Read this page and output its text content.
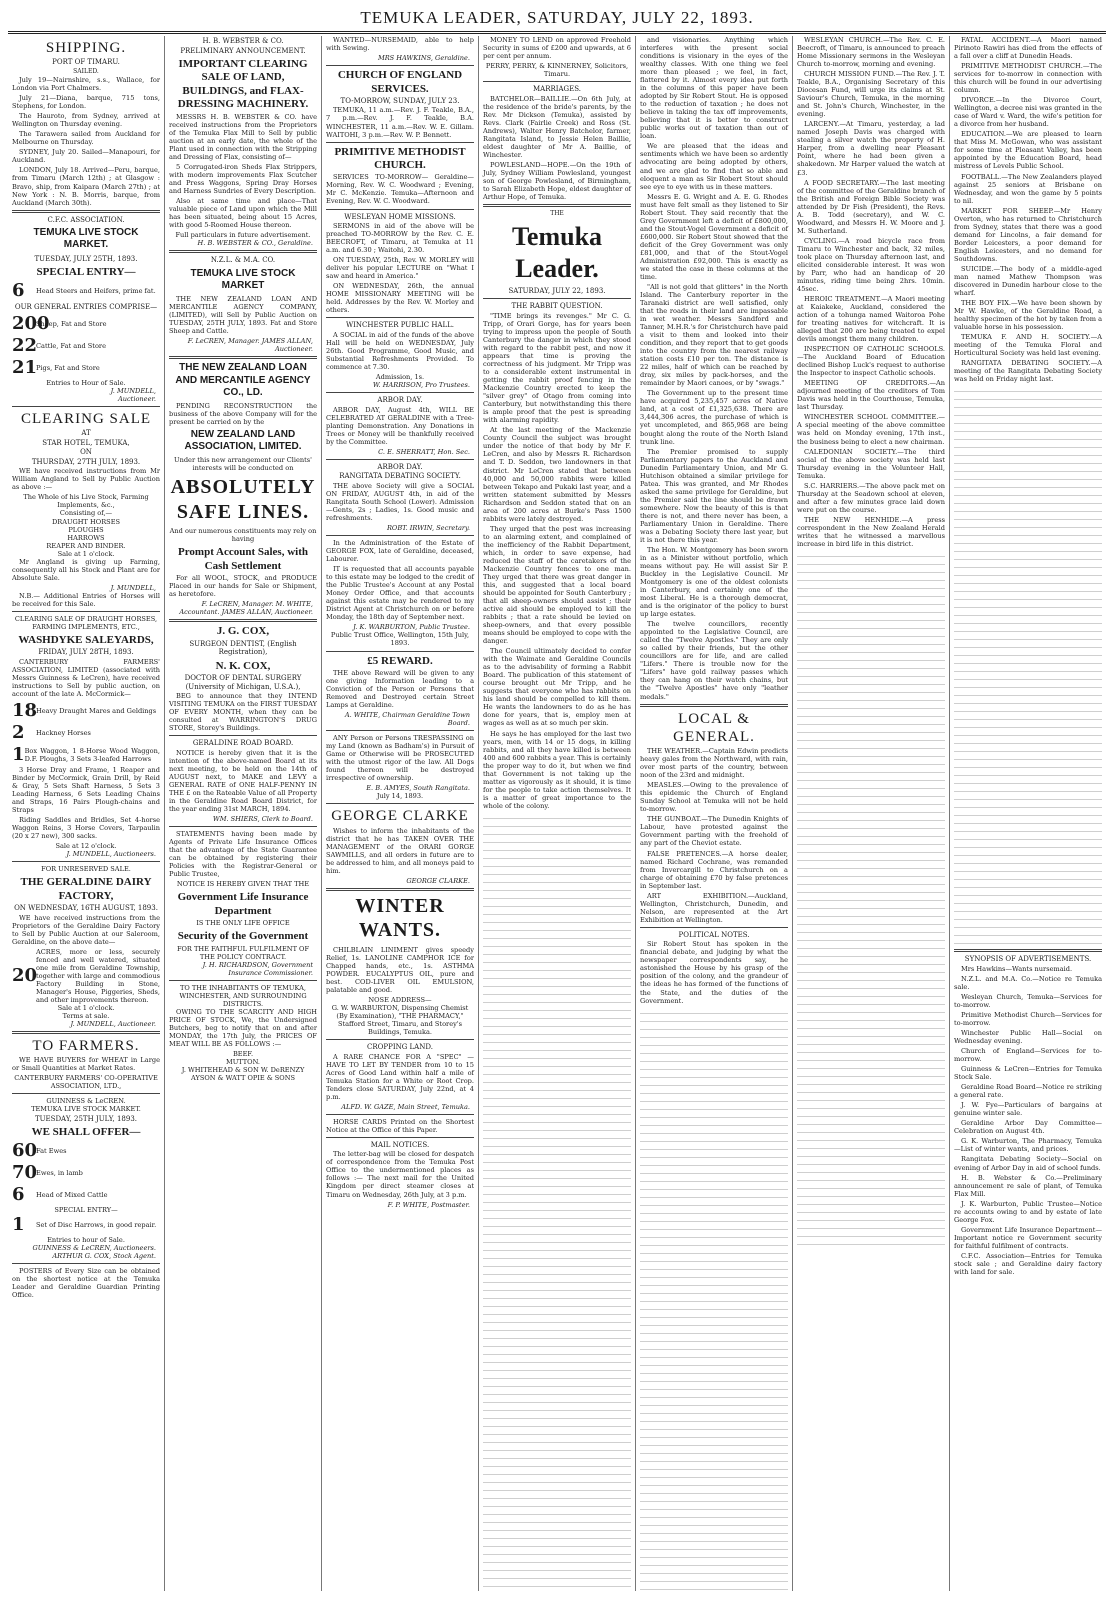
TEMUKA LEADER, SATURDAY, JULY 22, 1893.
SHIPPING.
PORT OF TIMARU.
SAILED.

July 19—Nairnshire, s.s., Wallace, for London via Port Chalmers.

July 21—Diana, barque, 715 tons, Stephens, for London.

The Hauroto, from Sydney, arrived at Wellington on Thursday evening.

The Tarawera sailed from Auckland for Melbourne on Thursday.

SYDNEY, July 20. Sailed—Manapouri, for Auckland.

LONDON, July 18. Arrived—Peru, barque, from Timaru (March 12th) ; at Glasgow : Bravo, ship, from Kaipara (March 27th) ; at New York : N. B. Morris, barque, from Auckland (March 30th).

C.F.C. ASSOCIATION.
TEMUKA LIVE STOCK MARKET.
TUESDAY, JULY 25TH, 1893.
SPECIAL ENTRY—
6	Head Steers and Heifers, prime fat.
OUR GENERAL ENTRIES COMPRISE—
200
Sheep, Fat and Store
22
Cattle, Fat and Store
21
Pigs, Fat and Store
Entries to Hour of Sale.
J. MUNDELL,
Auctioneer.
CLEARING SALE
AT
STAR HOTEL, TEMUKA,
ON
THURSDAY, 27TH JULY, 1893.

WE have received instructions from Mr William Angland to Sell by Public Auction as above :—

The Whole of his Live Stock, Farming Implements, &c.,
Consisting of,—
DRAUGHT HORSES
PLOUGHS
HARROWS
REAPER AND BINDER.
Sale at 1 o'clock.

Mr Angland is giving up Farming, consequently all his Stock and Plant are for Absolute Sale.

J. MUNDELL,

N.B.— Additional Entries of Horses will be received for this Sale.

CLEARING SALE OF DRAUGHT HORSES, FARMING IMPLEMENTS, ETC.,
WASHDYKE SALEYARDS,
FRIDAY, JULY 28TH, 1893.

CANTERBURY FARMERS' ASSOCIATION, LIMITED (associated with Messrs Guinness & LeCren), have received instructions to Sell by public auction, on account of the late A. McCormick—

18
Heavy Draught Mares and Geldings
2	Hackney Horses
1 Box Waggon, 1 8-Horse Wood Waggon, D.F. Ploughs, 3 Sets 3-leafed Harrows

3 Horse Dray and Frame, 1 Reaper and Binder by McCormick, Grain Drill, by Reid & Gray, 5 Sets Shaft Harness, 5 Sets 3 Leading Harness, 6 Sets Leading Chains and Straps, 16 Pairs Plough-chains and Straps

Riding Saddles and Bridles, Set 4-horse Waggon Reins, 3 Horse Covers, Tarpaulin (20 x 27 new), 300 sacks.

Sale at 12 o'clock.
J. MUNDELL, Auctioneers.
FOR UNRESERVED SALE.
THE GERALDINE DAIRY FACTORY,
ON WEDNESDAY, 16TH AUGUST, 1893.

WE have received instructions from the Proprietors of the Geraldine Dairy Factory to Sell by Public Auction at our Saleroom, Geraldine, on the above date—

20
ACRES, more or less, securely fenced and well watered, situated one mile from Geraldine Township, together with large and commodious Factory Building in Stone, Manager's House, Piggeries, Sheds, and other improvements thereon.
Sale at 1 o'clock.
Terms at sale.
J. MUNDELL, Auctioneer.
TO FARMERS.

WE HAVE BUYERS for WHEAT in Large or Small Quantities at Market Rates.

CANTERBURY FARMERS' CO-OPERATIVE ASSOCIATION, LTD.,
GUINNESS & LeCREN.
TEMUKA LIVE STOCK MARKET.
TUESDAY, 25TH JULY, 1893.
WE SHALL OFFER—
60
Fat Ewes
70
Ewes, in lamb
6	Head of Mixed Cattle
SPECIAL ENTRY—
1	Set of Disc Harrows, in good repair.
Entries to hour of Sale.
GUINNESS & LeCREN, Auctioneers. ARTHUR G. COX, Stock Agent.

POSTERS of Every Size can be obtained on the shortest notice at the Temuka Leader and Geraldine Guardian Printing Office.

H. B. WEBSTER & CO.
PRELIMINARY ANNOUNCEMENT.
IMPORTANT CLEARING SALE OF LAND, BUILDINGS, and FLAX-DRESSING MACHINERY.

MESSRS H. B. WEBSTER & CO. have received instructions from the Proprietors of the Temuka Flax Mill to Sell by public auction at an early date, the whole of the Plant used in connection with the Stripping and Dressing of Flax, consisting of—

5 Corrugated-iron Sheds Flax Strippers, with modern improvements Flax Scutcher and Press Waggons, Spring Dray Horses and Harness Sundries of Every Description.

Also at same time and place—That valuable piece of Land upon which the Mill has been situated, being about 15 Acres, with good 5-Roomed House thereon.

Full particulars in future advertisement.
H. B. WEBSTER & CO., Geraldine.
N.Z.L. & M.A. CO.
TEMUKA LIVE STOCK MARKET

THE NEW ZEALAND LOAN AND MERCANTILE AGENCY COMPANY, (LIMITED), will Sell by Public Auction on TUESDAY, 25TH JULY, 1893. Fat and Store Sheep and Cattle.

F. LeCREN, Manager. JAMES ALLAN, Auctioneer.
THE NEW ZEALAND LOAN AND MERCANTILE AGENCY CO., LD.

PENDING RECONSTRUCTION the business of the above Company will for the present be carried on by the

NEW ZEALAND LAND ASSOCIATION, LIMITED.
Under this new arrangement our Clients' interests will be conducted on
ABSOLUTELY SAFE LINES.
And our numerous constituents may rely on having
Prompt Account Sales, with Cash Settlement

For all WOOL, STOCK, and PRODUCE Placed in our hands for Sale or Shipment, as heretofore.

F. LeCREN, Manager. M. WHITE, Accountant. JAMES ALLAN, Auctioneer.
J. G. COX,
SURGEON DENTIST, (English Registration),
N. K. COX,
DOCTOR OF DENTAL SURGERY (University of Michigan, U.S.A.),

BEG to announce that they INTEND VISITING TEMUKA on the FIRST TUESDAY OF EVERY MONTH, when they can be consulted at WARRINGTON'S DRUG STORE, Storey's Buildings.

GERALDINE ROAD BOARD.

NOTICE is hereby given that it is the intention of the above-named Board at its next meeting, to be held on the 14th of AUGUST next, to MAKE and LEVY a GENERAL RATE of ONE HALF-PENNY IN THE £ on the Rateable Value of all Property in the Geraldine Road Board District, for the year ending 31st MARCH, 1894.

WM. SHIERS, Clerk to Board.

STATEMENTS having been made by Agents of Private Life Insurance Offices that the advantage of the State Guarantee can be obtained by registering their Policies with the Registrar-General or Public Trustee,

NOTICE IS HEREBY GIVEN THAT THE
Government Life Insurance Department
IS THE ONLY LIFE OFFICE
Security of the Government
FOR THE FAITHFUL FULFILMENT OF THE POLICY CONTRACT.
J. H. RICHARDSON, Government Insurance Commissioner.
TO THE INHABITANTS OF TEMUKA, WINCHESTER, AND SURROUNDING DISTRICTS.

OWING TO THE SCARCITY AND HIGH PRICE OF STOCK, We, the Undersigned Butchers, beg to notify that on and after MONDAY, the 17th July, the PRICES OF MEAT WILL BE AS FOLLOWS :—

BEEF.
MUTTON.
J. WHITEHEAD & SON W. DeRENZY AYSON & WATT OPIE & SONS

WANTED—NURSEMAID, able to help with Sewing.

MRS HAWKINS, Geraldine.
CHURCH OF ENGLAND SERVICES.
TO-MORROW, SUNDAY, JULY 23.

TEMUKA, 11 a.m.—Rev. J. F. Teakle, B.A., 7 p.m.—Rev. J. F. Teakle, B.A. WINCHESTER, 11 a.m.—Rev. W. E. Gillam. WAITOHI, 3 p.m.—Rev. W. P. Bennett.

PRIMITIVE METHODIST CHURCH.

SERVICES TO-MORROW— Geraldine—Morning, Rev. W. C. Woodward ; Evening, Mr C. McKenzie. Temuka—Afternoon and Evening, Rev. W. C. Woodward.

WESLEYAN HOME MISSIONS.

SERMONS in aid of the above will be preached TO-MORROW by the Rev. C. E. BEECROFT, of Timaru, at Temuka at 11 a.m. and 6.30 ; Waitohi, 2.30.

ON TUESDAY, 25th, Rev. W. MORLEY will deliver his popular LECTURE on "What I saw and heard in America."

ON WEDNESDAY, 26th, the annual HOME MISSIONARY MEETING will be held. Addresses by the Rev. W. Morley and others.

WINCHESTER PUBLIC HALL.

A SOCIAL in aid of the funds of the above Hall will be held on WEDNESDAY, July 26th. Good Programme, Good Music, and Substantial Refreshments Provided. To commence at 7.30.

Admission, 1s.
W. HARRISON, Pro Trustees.
ARBOR DAY.

ARBOR DAY, August 4th, WILL BE CELEBRATED AT GERALDINE with a Tree-planting Demonstration. Any Donations in Trees or Money will be thankfully received by the Committee.

C. E. SHERRATT, Hon. Sec.
ARBOR DAY.
RANGITATA DEBATING SOCIETY.

THE above Society will give a SOCIAL ON FRIDAY, AUGUST 4th, in aid of the Rangitata South School (Lower). Admission—Gents, 2s ; Ladies, 1s. Good music and refreshments.

ROBT. IRWIN, Secretary.

In the Administration of the Estate of GEORGE FOX, late of Geraldine, deceased, Labourer.

IT is requested that all accounts payable to this estate may be lodged to the credit of the Public Trustee's Account at any Postal Money Order Office, and that accounts against this estate may be rendered to my District Agent at Christchurch on or before Monday, the 18th day of September next.

J. K. WARBURTON, Public Trustee.
Public Trust Office, Wellington, 15th July, 1893.
£5 REWARD.

THE above Reward will be given to any one giving Information leading to a Conviction of the Person or Persons that Removed and Destroyed certain Street Lamps at Geraldine.

A. WHITE, Chairman Geraldine Town Board.

ANY Person or Persons TRESPASSING on my Land (known as Badham's) in Pursuit of Game or Otherwise will be PROSECUTED with the utmost rigor of the law. All Dogs found thereon will be destroyed irrespective of ownership.

E. B. AMYES, South Rangitata.
July 14, 1893.
GEORGE CLARKE

Wishes to inform the inhabitants of the district that he has TAKEN OVER THE MANAGEMENT of the ORARI GORGE SAWMILLS, and all orders in future are to be addressed to him, and all moneys paid to him.

GEORGE CLARKE.
WINTER WANTS.

CHILBLAIN LINIMENT gives speedy Relief, 1s. LANOLINE CAMPHOR ICE for Chapped hands, etc., 1s. ASTHMA POWDER. EUCALYPTUS OIL, pure and best. COD-LIVER OIL EMULSION, palatable and good.

NOSE ADDRESS—
G. W. WARBURTON, Dispensing Chemist (By Examination), "THE PHARMACY," Stafford Street, Timaru, and Storey's Buildings, Temuka.
CROPPING LAND.

A RARE CHANCE FOR A "SPEC" — HAVE TO LET BY TENDER from 10 to 15 Acres of Good Land within half a mile of Temuka Station for a White or Root Crop. Tenders close SATURDAY, July 22nd, at 4 p.m.

ALFD. W. GAZE, Main Street, Temuka.

HORSE CARDS Printed on the Shortest Notice at the Office of this Paper.

MAIL NOTICES.

The letter-bag will be closed for despatch of correspondence from the Temuka Post Office to the undermentioned places as follows :— The next mail for the United Kingdom per direct steamer closes at Timaru on Wednesday, 26th July, at 3 p.m.

F. P. WHITE, Postmaster.

MONEY TO LEND on approved Freehold Security in sums of £200 and upwards, at 6 per cent per annum.

PERRY, PERRY, & KINNERNEY, Solicitors, Timaru.
MARRIAGES.

BATCHELOR—BAILLIE.—On 6th July, at the residence of the bride's parents, by the Rev. Mr Dickson (Temuka), assisted by Revs. Clark (Fairlie Creek) and Ross (St. Andrews), Walter Henry Batchelor, farmer, Rangitata Island, to Jessie Helen Baillie, eldest daughter of Mr A. Baillie, of Winchester.

POWLESLAND—HOPE.—On the 19th of July, Sydney William Powlesland, youngest son of George Powlesland, of Birmingham, to Sarah Elizabeth Hope, eldest daughter of Arthur Hope, of Temuka.

THE
Temuka Leader.
SATURDAY, JULY 22, 1893.
THE RABBIT QUESTION.

"TIME brings its revenges." Mr C. G. Tripp, of Orari Gorge, has for years been trying to impress upon the people of South Canterbury the danger in which they stood with regard to the rabbit pest, and now it appears that time is proving the correctness of his judgment. Mr Tripp was to a considerable extent instrumental in getting the rabbit proof fencing in the Mackenzie Country erected to keep the "silver grey" of Otago from coming into Canterbury, but notwithstanding this there is ample proof that the pest is spreading with alarming rapidity.

At the last meeting of the Mackenzie County Council the subject was brought under the notice of that body by Mr F. LeCren, and also by Messrs R. Richardson and T. D. Seddon, two landowners in that district. Mr LeCren stated that between 40,000 and 50,000 rabbits were killed between Tekapo and Pukaki last year, and a written statement submitted by Messrs Richardson and Seddon stated that on an area of 200 acres at Burke's Pass 1500 rabbits were lately destroyed.

They urged that the pest was increasing to an alarming extent, and complained of the inefficiency of the Rabbit Department, which, in order to save expense, had reduced the staff of the caretakers of the Mackenzie Country fences to one man. They urged that there was great danger in this, and suggested that a local board should be appointed for South Canterbury ; that all sheep-owners should assist ; their active aid should be employed to kill the rabbits ; that a rate should be levied on sheep-owners, and that every possible means should be employed to cope with the danger.

The Council ultimately decided to confer with the Waimate and Geraldine Councils as to the advisability of forming a Rabbit Board. The publication of this statement of course brought out Mr Tripp, and he suggests that everyone who has rabbits on his land should be compelled to kill them. He wants the landowners to do as he has done for years, that is, employ men at wages as well as at so much per skin.

He says he has employed for the last two years, men, with 14 or 15 dogs, in killing rabbits, and all they have killed is between 400 and 600 rabbits a year. This is certainly the proper way to do it, but when we find that Government is not taking up the matter as vigorously as it should, it is time for the people to take action themselves. It is a matter of great importance to the whole of the colony.

and visionaries. Anything which interferes with the present social conditions is visionary in the eyes of the wealthy classes. With one thing we feel more than pleased ; we feel, in fact, flattered by it. Almost every idea put forth in the columns of this paper have been adopted by Sir Robert Stout. He is opposed to the reduction of taxation ; he does not believe in taking the tax off improvements, believing that it is better to construct public works out of taxation than out of loan.

We are pleased that the ideas and sentiments which we have been so ardently advocating are being adopted by others, and we are glad to find that so able and eloquent a man as Sir Robert Stout should see eye to eye with us in these matters.

Messrs E. G. Wright and A. E. G. Rhodes must have felt small as they listened to Sir Robert Stout. They said recently that the Grey Government left a deficit of £800,000, and the Stout-Vogel Government a deficit of £600,000. Sir Robert Stout showed that the deficit of the Grey Government was only £81,000, and that of the Stout-Vogel Administration £92,000. This is exactly as we stated the case in these columns at the time.

"All is not gold that glitters" in the North Island. The Canterbury reporter in the Taranaki district are well satisfied, only that the roads in their land are impassable in wet weather. Messrs Sandford and Tanner, M.H.R.'s for Christchurch have paid a visit to them and looked into their condition, and they report that to get goods into the country from the nearest railway station costs £10 per ton. The distance is 22 miles, half of which can be reached by dray, six miles by pack-horses, and the remainder by Maori canoes, or by "swags."

The Government up to the present time have acquired 5,235,457 acres of Native land, at a cost of £1,325,638. There are 3,444,306 acres, the purchase of which is yet uncompleted, and 865,968 are being bought along the route of the North Island trunk line.

The Premier promised to supply Parliamentary papers to the Auckland and Dunedin Parliamentary Union, and Mr G. Hutchison obtained a similar privilege for Patea. This was granted, and Mr Rhodes asked the same privilege for Geraldine, but the Premier said the line should be drawn somewhere. Now the beauty of this is that there is not, and there never has been, a Parliamentary Union in Geraldine. There was a Debating Society there last year, but it is not there this year.

The Hon. W. Montgomery has been sworn in as a Minister without portfolio, which means without pay. He will assist Sir P. Buckley in the Legislative Council. Mr Montgomery is one of the oldest colonists in Canterbury, and certainly one of the most Liberal. He is a thorough democrat, and is the originator of the policy to burst up large estates.

The twelve councillors, recently appointed to the Legislative Council, are called the "Twelve Apostles." They are only so called by their friends, but the other councillors are for life, and are called "Lifers." There is trouble now for the "Lifers" have gold railway passes which they can hang on their watch chains, but the "Twelve Apostles" have only "leather medals."

LOCAL & GENERAL.

THE WEATHER.—Captain Edwin predicts heavy gales from the Northward, with rain, over most parts of the country, between noon of the 23rd and midnight.

MEASLES.—Owing to the prevalence of this epidemic the Church of England Sunday School at Temuka will not be held to-morrow.

THE GUNBOAT.—The Dunedin Knights of Labour, have protested against the Government parting with the freehold of any part of the Cheviot estate.

FALSE PRETENCES.—A horse dealer, named Richard Cochrane, was remanded from Invercargill to Christchurch on a charge of obtaining £70 by false pretences in September last.

ART EXHIBITION.—Auckland, Wellington, Christchurch, Dunedin, and Nelson, are represented at the Art Exhibition at Wellington.

POLITICAL NOTES.

Sir Robert Stout has spoken in the financial debate, and judging by what the newspaper correspondents say, he astonished the House by his grasp of the position of the colony, and the grandeur of the ideas he has formed of the functions of the State, and the duties of the Government.

WESLEYAN CHURCH.—The Rev. C. E. Beecroft, of Timaru, is announced to preach Home Missionary sermons in the Wesleyan Church to-morrow, morning and evening.

CHURCH MISSION FUND.—The Rev. J. T. Teakle, B.A., Organising Secretary of this Diocesan Fund, will urge its claims at St. Saviour's Church, Temuka, in the morning and St. John's Church, Winchester, in the evening.

LARCENY.—At Timaru, yesterday, a lad named Joseph Davis was charged with stealing a silver watch the property of H. Harper, from a dwelling near Pleasant Point, where he had been given a shakedown. Mr Harper valued the watch at £3.

A FOOD SECRETARY.—The last meeting of the committee of the Geraldine branch of the British and Foreign Bible Society was attended by Dr Fish (President), the Revs. A. B. Todd (secretary), and W. C. Woodward, and Messrs H. W. Moore and J. M. Sutherland.

CYCLING.—A road bicycle race from Timaru to Winchester and back, 32 miles, took place on Thursday afternoon last, and elicited considerable interest. It was won by Parr, who had an handicap of 20 minutes, riding time being 2hrs. 10min. 45sec.

HEROIC TREATMENT.—A Maori meeting at Kaiakeke, Auckland, considered the action of a tohunga named Waitoroa Pohe for treating natives for witchcraft. It is alleged that 200 are being treated to expel devils amongst them many children.

INSPECTION OF CATHOLIC SCHOOLS.—The Auckland Board of Education declined Bishop Luck's request to authorise the Inspector to inspect Catholic schools.

MEETING OF CREDITORS.—An adjourned meeting of the creditors of Tom Davis was held in the Courthouse, Temuka, last Thursday.

WINCHESTER SCHOOL COMMITTEE.—A special meeting of the above committee was held on Monday evening, 17th inst., the business being to elect a new chairman.

CALEDONIAN SOCIETY.—The third social of the above society was held last Thursday evening in the Volunteer Hall, Temuka.

S.C. HARRIERS.—The above pack met on Thursday at the Seadown school at eleven, and after a few minutes grace laid down were put on the course.

THE NEW HENHIDE.—A press correspondent in the New Zealand Herald writes that he witnessed a marvellous increase in bird life in this district.

FATAL ACCIDENT.—A Maori named Pirinoto Rawiri has died from the effects of a fall over a cliff at Dunedin Heads.

PRIMITIVE METHODIST CHURCH.—The services for to-morrow in connection with this church will be found in our advertising column.

DIVORCE.—In the Divorce Court, Wellington, a decree nisi was granted in the case of Ward v. Ward, the wife's petition for a divorce from her husband.

EDUCATION.—We are pleased to learn that Miss M. McGowan, who was assistant for some time at Pleasant Valley, has been appointed by the Education Board, head mistress of Levels Public School.

FOOTBALL.—The New Zealanders played against 25 seniors at Brisbane on Wednesday, and won the game by 5 points to nil.

MARKET FOR SHEEP.—Mr Henry Overton, who has returned to Christchurch from Sydney, states that there was a good demand for Lincolns, a fair demand for Border Leicesters, a poor demand for English Leicesters, and no demand for Southdowns.

SUICIDE.—The body of a middle-aged man named Mathew Thompson was discovered in Dunedin harbour close to the wharf.

THE BOY FIX.—We have been shown by Mr W. Hawke, of the Geraldine Road, a healthy specimen of the hot by taken from a valuable horse in his possession.

TEMUKA F. AND H. SOCIETY.—A meeting of the Temuka Floral and Horticultural Society was held last evening.

RANGITATA DEBATING SOCIETY.—A meeting of the Rangitata Debating Society was held on Friday night last.

SYNOPSIS OF ADVERTISEMENTS.

Mrs Hawkins—Wants nursemaid.

N.Z.L. and M.A. Co.—Notice re Temuka sale.

Wesleyan Church, Temuka—Services for to-morrow.

Primitive Methodist Church—Services for to-morrow.

Winchester Public Hall—Social on Wednesday evening.

Church of England—Services for to-morrow.

Guinness & LeCren—Entries for Temuka Stock Sale.

Geraldine Road Board—Notice re striking a general rate.

J. W. Fye—Particulars of bargains at genuine winter sale.

Geraldine Arbor Day Committee—Celebration on August 4th.

G. K. Warburton, The Pharmacy, Temuka—List of winter wants, and prices.

Rangitata Debating Society—Social on evening of Arbor Day in aid of school funds.

H. B. Webster & Co.—Preliminary announcement re sale of plant, of Temuka Flax Mill.

J. K. Warburton, Public Trustee—Notice re accounts owing to and by estate of late George Fox.

Government Life Insurance Department—Important notice re Government security for faithful fulfilment of contracts.

C.F.C. Association—Entries for Temuka stock sale ; and Geraldine dairy factory with land for sale.
